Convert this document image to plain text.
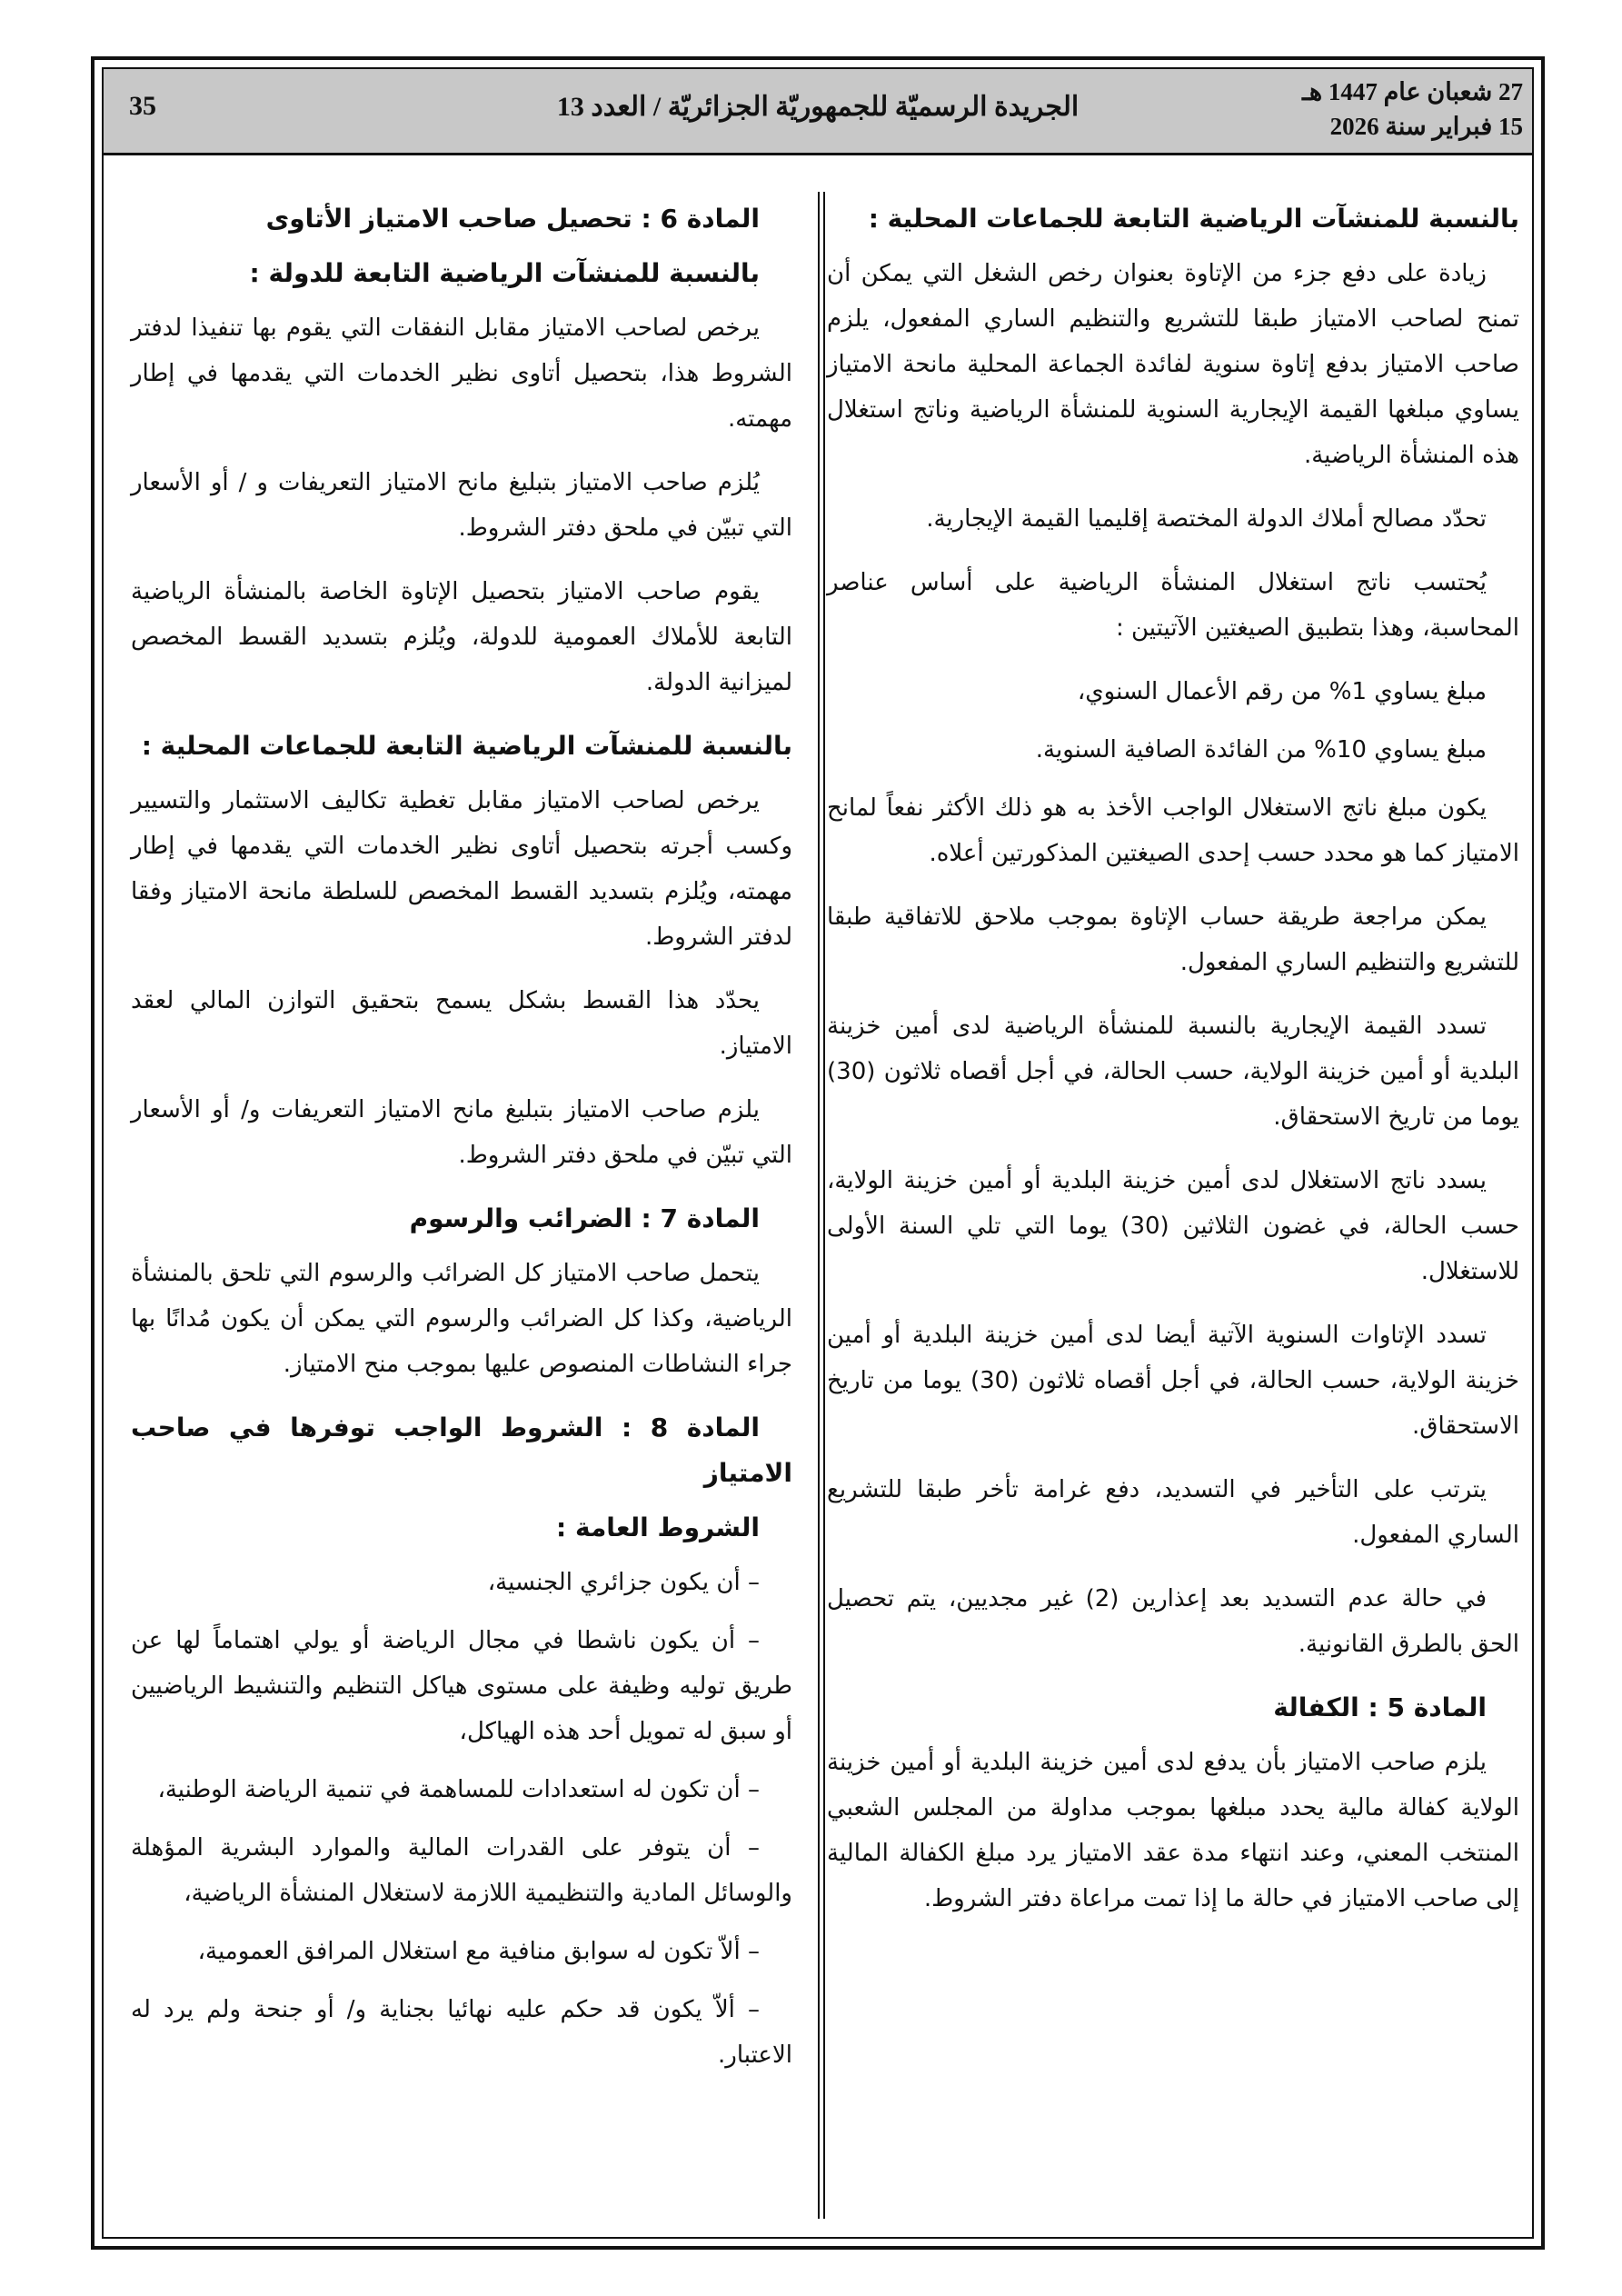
27 شعبان عام 1447 هـ
15 فبراير سنة 2026
الجريدة الرسميّة للجمهوريّة الجزائريّة / العدد 13
35

بالنسبة للمنشآت الرياضية التابعة للجماعات المحلية :

زيادة على دفع جزء من الإتاوة بعنوان رخص الشغل التي يمكن أن تمنح لصاحب الامتياز طبقا للتشريع والتنظيم الساري المفعول، يلزم صاحب الامتياز بدفع إتاوة سنوية لفائدة الجماعة المحلية مانحة الامتياز يساوي مبلغها القيمة الإيجارية السنوية للمنشأة الرياضية وناتج استغلال هذه المنشأة الرياضية.

تحدّد مصالح أملاك الدولة المختصة إقليميا القيمة الإيجارية.

يُحتسب ناتج استغلال المنشأة الرياضية على أساس عناصر المحاسبة، وهذا بتطبيق الصيغتين الآتيتين :

مبلغ يساوي 1% من رقم الأعمال السنوي،

مبلغ يساوي 10% من الفائدة الصافية السنوية.

يكون مبلغ ناتج الاستغلال الواجب الأخذ به هو ذلك الأكثر نفعاً لمانح الامتياز كما هو محدد حسب إحدى الصيغتين المذكورتين أعلاه.

يمكن مراجعة طريقة حساب الإتاوة بموجب ملاحق للاتفاقية طبقا للتشريع والتنظيم الساري المفعول.

تسدد القيمة الإيجارية بالنسبة للمنشأة الرياضية لدى أمين خزينة البلدية أو أمين خزينة الولاية، حسب الحالة، في أجل أقصاه ثلاثون (30) يوما من تاريخ الاستحقاق.

يسدد ناتج الاستغلال لدى أمين خزينة البلدية أو أمين خزينة الولاية، حسب الحالة، في غضون الثلاثين (30) يوما التي تلي السنة الأولى للاستغلال.

تسدد الإتاوات السنوية الآتية أيضا لدى أمين خزينة البلدية أو أمين خزينة الولاية، حسب الحالة، في أجل أقصاه ثلاثون (30) يوما من تاريخ الاستحقاق.

يترتب على التأخير في التسديد، دفع غرامة تأخر طبقا للتشريع الساري المفعول.

في حالة عدم التسديد بعد إعذارين (2) غير مجديين، يتم تحصيل الحق بالطرق القانونية.

المادة 5 : الكفالة

يلزم صاحب الامتياز بأن يدفع لدى أمين خزينة البلدية أو أمين خزينة الولاية كفالة مالية يحدد مبلغها بموجب مداولة من المجلس الشعبي المنتخب المعني، وعند انتهاء مدة عقد الامتياز يرد مبلغ الكفالة المالية إلى صاحب الامتياز في حالة ما إذا تمت مراعاة دفتر الشروط.

المادة 6 : تحصيل صاحب الامتياز الأتاوى

بالنسبة للمنشآت الرياضية التابعة للدولة :

يرخص لصاحب الامتياز مقابل النفقات التي يقوم بها تنفيذا لدفتر الشروط هذا، بتحصيل أتاوى نظير الخدمات التي يقدمها في إطار مهمته.

يُلزم صاحب الامتياز بتبليغ مانح الامتياز التعريفات و / أو الأسعار التي تبيّن في ملحق دفتر الشروط.

يقوم صاحب الامتياز بتحصيل الإتاوة الخاصة بالمنشأة الرياضية التابعة للأملاك العمومية للدولة، ويُلزم بتسديد القسط المخصص لميزانية الدولة.

بالنسبة للمنشآت الرياضية التابعة للجماعات المحلية :

يرخص لصاحب الامتياز مقابل تغطية تكاليف الاستثمار والتسيير وكسب أجرته بتحصيل أتاوى نظير الخدمات التي يقدمها في إطار مهمته، ويُلزم بتسديد القسط المخصص للسلطة مانحة الامتياز وفقا لدفتر الشروط.

يحدّد هذا القسط بشكل يسمح بتحقيق التوازن المالي لعقد الامتياز.

يلزم صاحب الامتياز بتبليغ مانح الامتياز التعريفات و/ أو الأسعار التي تبيّن في ملحق دفتر الشروط.

المادة 7 : الضرائب والرسوم

يتحمل صاحب الامتياز كل الضرائب والرسوم التي تلحق بالمنشأة الرياضية، وكذا كل الضرائب والرسوم التي يمكن أن يكون مُدانًا بها جراء النشاطات المنصوص عليها بموجب منح الامتياز.

المادة 8 : الشروط الواجب توفرها في صاحب الامتياز

الشروط العامة :

– أن يكون جزائري الجنسية،

– أن يكون ناشطا في مجال الرياضة أو يولي اهتماماً لها عن طريق توليه وظيفة على مستوى هياكل التنظيم والتنشيط الرياضيين أو سبق له تمويل أحد هذه الهياكل،

– أن تكون له استعدادات للمساهمة في تنمية الرياضة الوطنية،

– أن يتوفر على القدرات المالية والموارد البشرية المؤهلة والوسائل المادية والتنظيمية اللازمة لاستغلال المنشأة الرياضية،

– ألاّ تكون له سوابق منافية مع استغلال المرافق العمومية،

– ألاّ يكون قد حكم عليه نهائيا بجناية و/ أو جنحة ولم يرد له الاعتبار.
